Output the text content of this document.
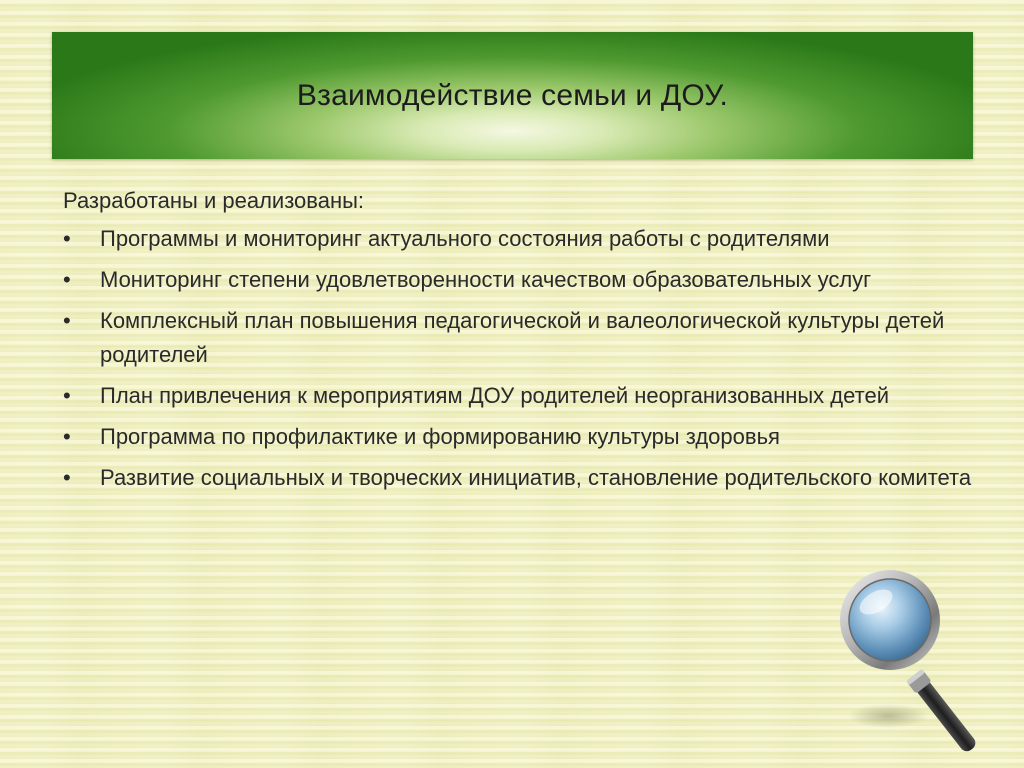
Взаимодействие семьи и ДОУ.

Разработаны и реализованы:

•	Программы и мониторинг актуального состояния работы с родителями
•	Мониторинг степени удовлетворенности качеством образовательных услуг
•	Комплексный план повышения педагогической и валеологической культуры детей родителей
•	План привлечения к мероприятиям ДОУ родителей неорганизованных детей
•	Программа по профилактике и формированию культуры здоровья
•	Развитие социальных и творческих инициатив, становление родительского комитета
